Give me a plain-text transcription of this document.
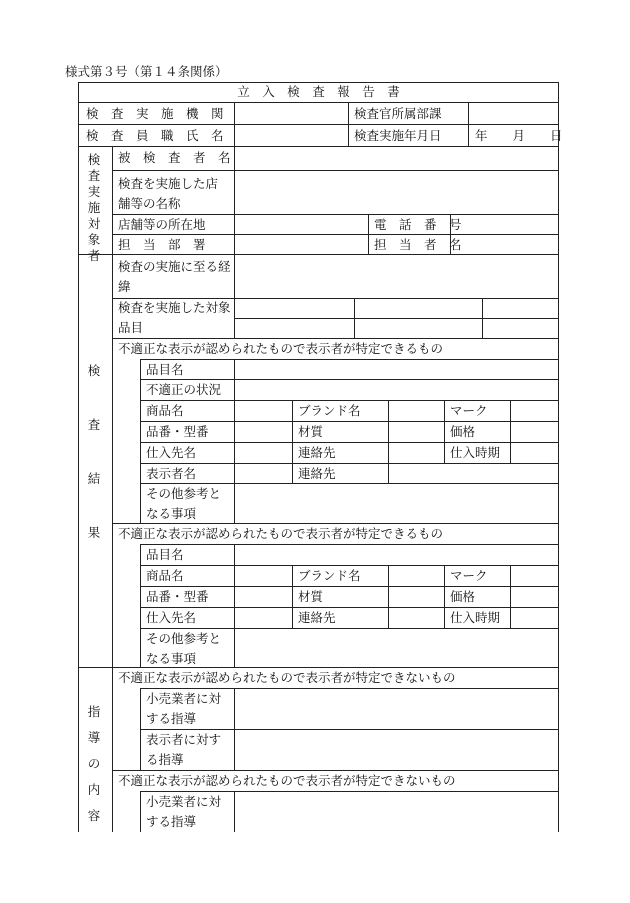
様式第３号（第１４条関係）
立　入　検　査　報　告　書
検　査　実　施　機　関	検査官所属部課
検　査　員　職　氏　名	検査実施年月日	年　　月　　日
検査実施対象者
被　検　査　者　名
検査を実施した店舗等の名称
店舗等の所在地	電　話　番　号
担　当　部　署	担　当　者　名
検査結果
検査の実施に至る経緯
検査を実施した対象品目
不適正な表示が認められたもので表示者が特定できるもの
品目名
不適正の状況
商品名	ブランド名	マーク
品番・型番	材質	価格
仕入先名	連絡先	仕入時期
表示者名	連絡先
その他参考となる事項
不適正な表示が認められたもので表示者が特定できるもの
品目名
商品名	ブランド名	マーク
品番・型番	材質	価格
仕入先名	連絡先	仕入時期
その他参考となる事項
指　導　の　内　容
不適正な表示が認められたもので表示者が特定できないもの
小売業者に対する指導
表示者に対する指導
不適正な表示が認められたもので表示者が特定できないもの
小売業者に対する指導
